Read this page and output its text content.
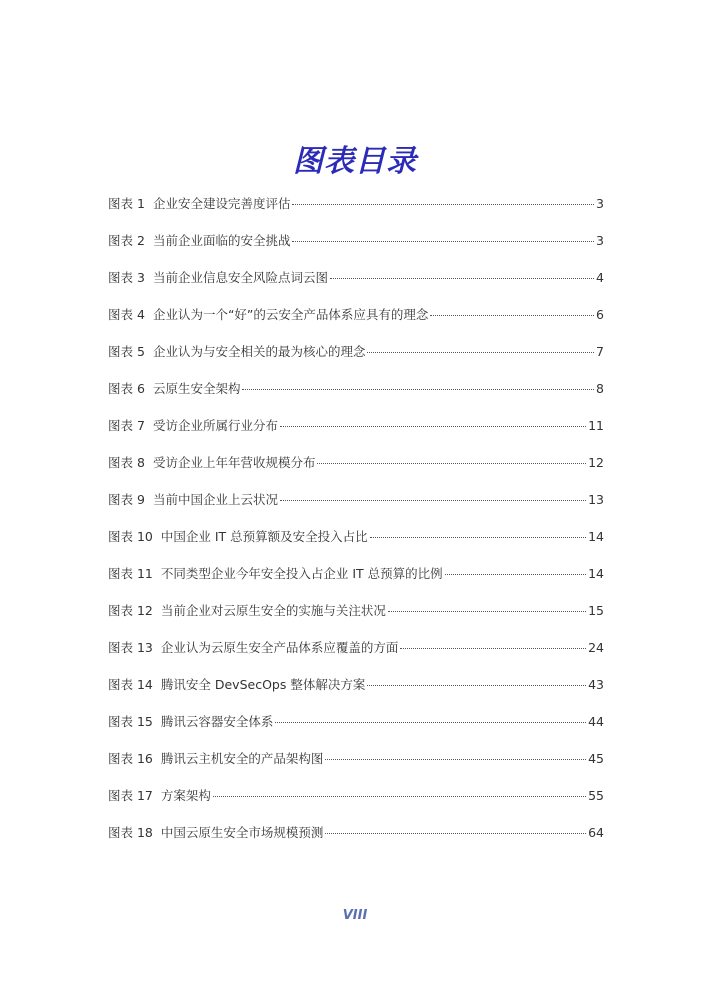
图表目录
图表 1 企业安全建设完善度评估	3
图表 2 当前企业面临的安全挑战	3
图表 3 当前企业信息安全风险点词云图	4
图表 4 企业认为一个“好”的云安全产品体系应具有的理念	6
图表 5 企业认为与安全相关的最为核心的理念	7
图表 6 云原生安全架构	8
图表 7 受访企业所属行业分布	11
图表 8 受访企业上年年营收规模分布	12
图表 9 当前中国企业上云状况	13
图表 10 中国企业 IT 总预算额及安全投入占比	14
图表 11 不同类型企业今年安全投入占企业 IT 总预算的比例	14
图表 12 当前企业对云原生安全的实施与关注状况	15
图表 13 企业认为云原生安全产品体系应覆盖的方面	24
图表 14 腾讯安全 DevSecOps 整体解决方案	43
图表 15 腾讯云容器安全体系	44
图表 16 腾讯云主机安全的产品架构图	45
图表 17 方案架构	55
图表 18 中国云原生安全市场规模预测	64
VIII
